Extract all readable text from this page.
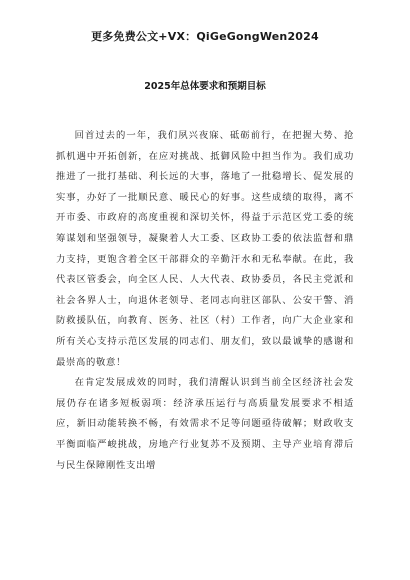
更多免费公文+VX：QiGeGongWen2024
2025年总体要求和预期目标

回首过去的一年，我们夙兴夜寐、砥砺前行，在把握大势、抢抓机遇中开拓创新，在应对挑战、抵御风险中担当作为。我们成功推进了一批打基础、利长远的大事，落地了一批稳增长、促发展的实事，办好了一批顺民意、暖民心的好事。这些成绩的取得，离不开市委、市政府的高度重视和深切关怀，得益于示范区党工委的统筹谋划和坚强领导，凝聚着人大工委、区政协工委的依法监督和鼎力支持，更饱含着全区干部群众的辛勤汗水和无私奉献。在此，我代表区管委会，向全区人民、人大代表、政协委员，各民主党派和社会各界人士，向退休老领导、老同志向驻区部队、公安干警、消防救援队伍，向教育、医务、社区（村）工作者，向广大企业家和所有关心支持示范区发展的同志们、朋友们，致以最诚挚的感谢和最崇高的敬意！

在肯定发展成效的同时，我们清醒认识到当前全区经济社会发展仍存在诸多短板弱项：经济承压运行与高质量发展要求不相适应，新旧动能转换不畅，有效需求不足等问题亟待破解；财政收支平衡面临严峻挑战，房地产行业复苏不及预期、主导产业培育滞后与民生保障刚性支出增
